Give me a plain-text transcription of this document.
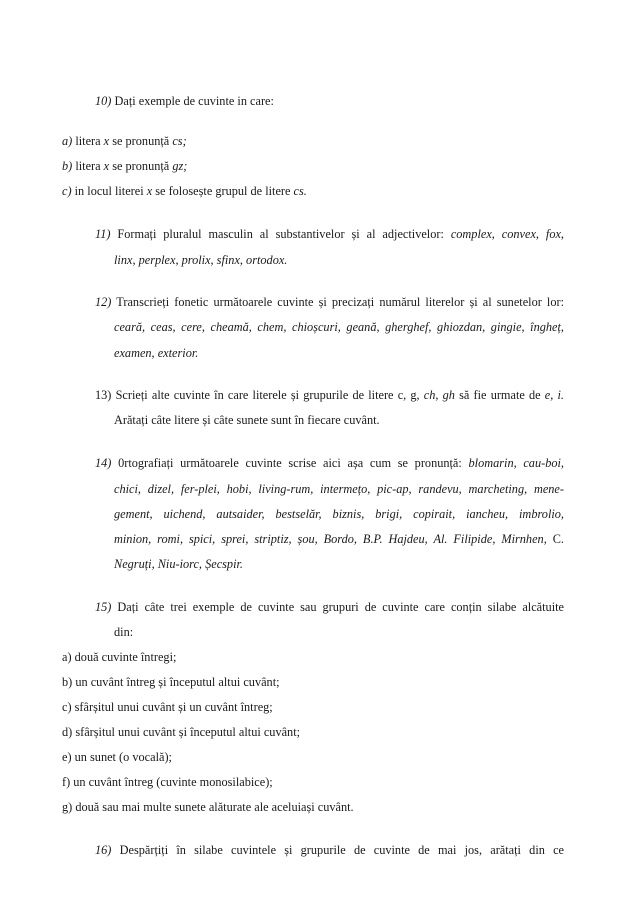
10) Dați exemple de cuvinte in care:
a) litera x se pronunță cs;
b) litera x se pronunță gz;
c) in locul literei x se folosește grupul de litere cs.
11) Formați pluralul masculin al substantivelor și al adjectivelor: complex, convex, fox,
linx, perplex, prolix, sfinx, ortodox.
12) Transcrieți fonetic următoarele cuvinte și precizați numărul literelor și al sunetelor lor:
ceară, ceas, cere, cheamă, chem, chioșcuri, geană, gherghef, ghiozdan, gingie, îngheț,
examen, exterior.
13) Scrieți alte cuvinte în care literele și grupurile de litere c, g, ch, gh să fie urmate de e, i.
Arătați câte litere și câte sunete sunt în fiecare cuvânt.
14) 0rtografiați următoarele cuvinte scrise aici așa cum se pronunță: blomarin, cau-boi,
chici, dizel, fer-plei, hobi, living-rum, intermețo, pic-ap, randevu, marcheting, mene-
gement, uichend, autsaider, bestselăr, biznis, brigi, copirait, iancheu, imbrolio,
minion, romi, spici, sprei, striptiz, șou, Bordo, B.P. Hajdeu, Al. Filipide, Mirnhen, C.
Negruți, Niu-iorc, Șecspir.
15) Dați câte trei exemple de cuvinte sau grupuri de cuvinte care conțin silabe alcătuite
din:
a) două cuvinte întregi;
b) un cuvânt întreg și începutul altui cuvânt;
c) sfârșitul unui cuvânt și un cuvânt întreg;
d) sfârșitul unui cuvânt și începutul altui cuvânt;
e) un sunet (o vocală);
f) un cuvânt întreg (cuvinte monosilabice);
g) două sau mai multe sunete alăturate ale aceluiași cuvânt.
16) Despărțiți în silabe cuvintele și grupurile de cuvinte de mai jos, arătați din ce
